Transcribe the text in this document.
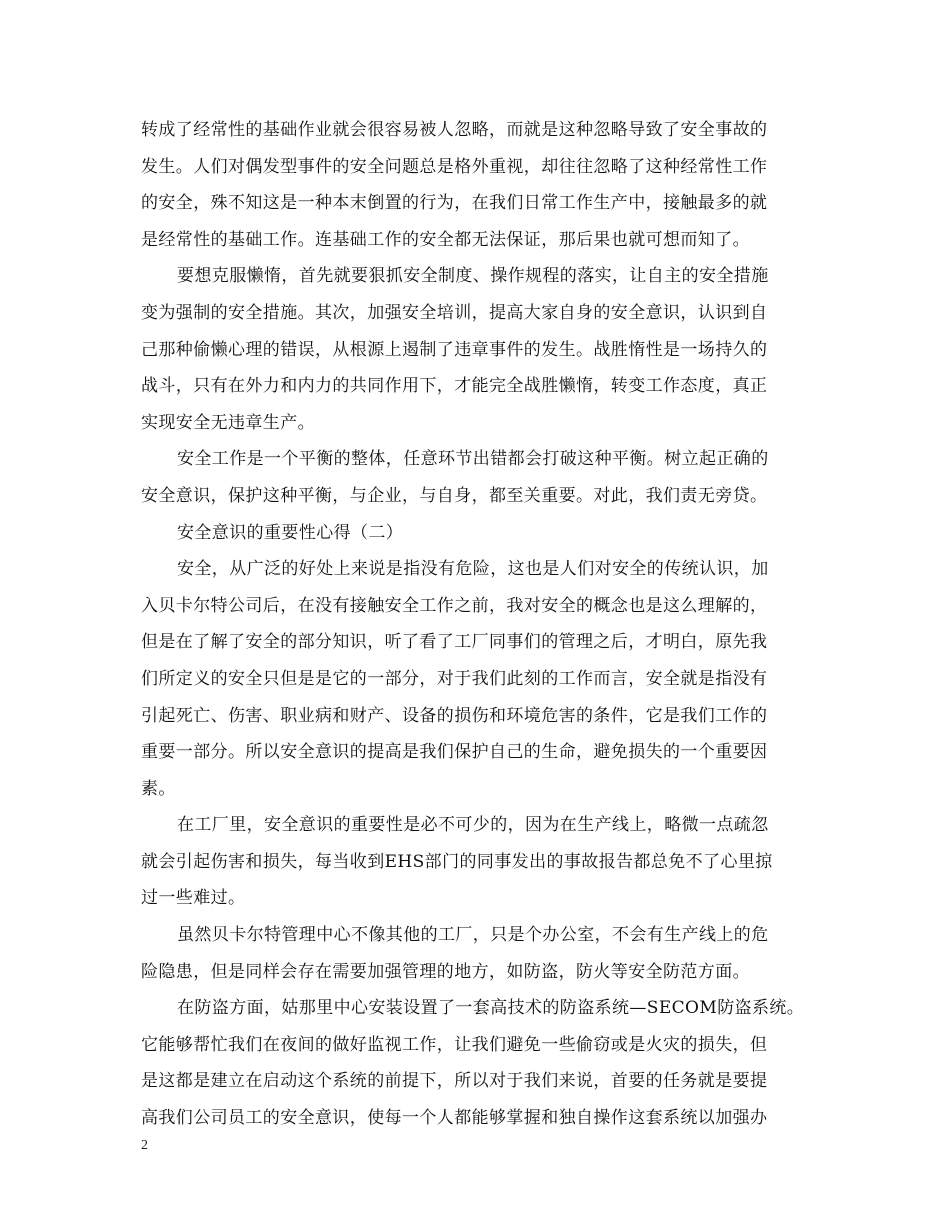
转成了经常性的基础作业就会很容易被人忽略，而就是这种忽略导致了安全事故的
发生。人们对偶发型事件的安全问题总是格外重视，却往往忽略了这种经常性工作
的安全，殊不知这是一种本末倒置的行为，在我们日常工作生产中，接触最多的就
是经常性的基础工作。连基础工作的安全都无法保证，那后果也就可想而知了。

要想克服懒惰，首先就要狠抓安全制度、操作规程的落实，让自主的安全措施
变为强制的安全措施。其次，加强安全培训，提高大家自身的安全意识，认识到自
己那种偷懒心理的错误，从根源上遏制了违章事件的发生。战胜惰性是一场持久的
战斗，只有在外力和内力的共同作用下，才能完全战胜懒惰，转变工作态度，真正
实现安全无违章生产。

安全工作是一个平衡的整体，任意环节出错都会打破这种平衡。树立起正确的
安全意识，保护这种平衡，与企业，与自身，都至关重要。对此，我们责无旁贷。

安全意识的重要性心得（二）

安全，从广泛的好处上来说是指没有危险，这也是人们对安全的传统认识，加
入贝卡尔特公司后，在没有接触安全工作之前，我对安全的概念也是这么理解的，
但是在了解了安全的部分知识，听了看了工厂同事们的管理之后，才明白，原先我
们所定义的安全只但是是它的一部分，对于我们此刻的工作而言，安全就是指没有
引起死亡、伤害、职业病和财产、设备的损伤和环境危害的条件，它是我们工作的
重要一部分。所以安全意识的提高是我们保护自己的生命，避免损失的一个重要因
素。

在工厂里，安全意识的重要性是必不可少的，因为在生产线上，略微一点疏忽
就会引起伤害和损失，每当收到EHS部门的同事发出的事故报告都总免不了心里掠
过一些难过。

虽然贝卡尔特管理中心不像其他的工厂，只是个办公室，不会有生产线上的危
险隐患，但是同样会存在需要加强管理的地方，如防盗，防火等安全防范方面。

在防盗方面，姑那里中心安装设置了一套高技术的防盗系统—SECOM防盗系统。
它能够帮忙我们在夜间的做好监视工作，让我们避免一些偷窃或是火灾的损失，但
是这都是建立在启动这个系统的前提下，所以对于我们来说，首要的任务就是要提
高我们公司员工的安全意识，使每一个人都能够掌握和独自操作这套系统以加强办

2
